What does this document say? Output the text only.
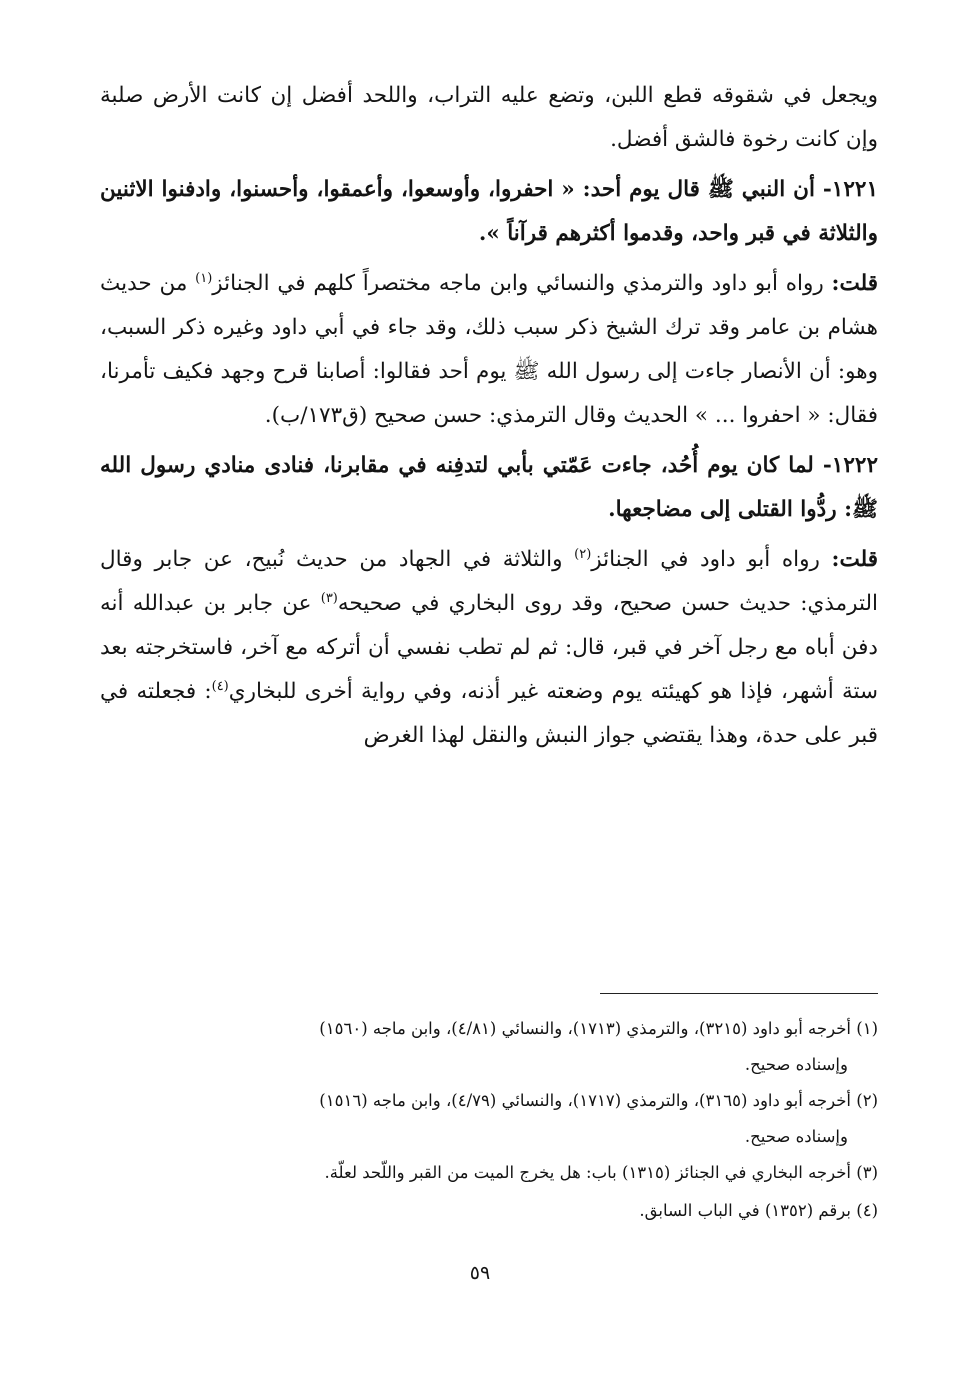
ويجعل في شقوقه قطع اللبن، وتضع عليه التراب، واللحد أفضل إن كانت الأرض صلبة وإن كانت رخوة فالشق أفضل.

١٢٢١- أن النبي ﷺ قال يوم أحد: « احفروا، وأوسعوا، وأعمقوا، وأحسنوا، وادفنوا الاثنين والثلاثة في قبر واحد، وقدموا أكثرهم قرآناً ».

قلت: رواه أبو داود والترمذي والنسائي وابن ماجه مختصراً كلهم في الجنائز$^{(١)}$ من حديث هشام بن عامر وقد ترك الشيخ ذكر سبب ذلك، وقد جاء في أبي داود وغيره ذكر السبب، وهو: أن الأنصار جاءت إلى رسول الله ﷺ يوم أحد فقالوا: أصابنا قرح وجهد فكيف تأمرنا، فقال: « احفروا ... » الحديث وقال الترمذي: حسن صحيح (ق١٧٣/ب).

١٢٢٢- لما كان يوم أُحُد، جاءت عَمّتي بأبي لتدفِنه في مقابرنا، فنادى منادي رسول الله ﷺ: ردُّوا القتلى إلى مضاجعها.

قلت: رواه أبو داود في الجنائز$^{(٢)}$ والثلاثة في الجهاد من حديث نُبيح، عن جابر وقال الترمذي: حديث حسن صحيح، وقد روى البخاري في صحيحه$^{(٣)}$ عن جابر بن عبدالله أنه دفن أباه مع رجل آخر في قبر، قال: ثم لم تطب نفسي أن أتركه مع آخر، فاستخرجته بعد ستة أشهر، فإذا هو كهيئته يوم وضعته غير أذنه، وفي رواية أخرى للبخاري$^{(٤)}$: فجعلته في قبر على حدة، وهذا يقتضي جواز النبش والنقل لهذا الغرض

(١) أخرجه أبو داود (٣٢١٥)، والترمذي (١٧١٣)، والنسائي (٤/٨١)، وابن ماجه (١٥٦٠)

وإسناده صحيح.

(٢) أخرجه أبو داود (٣١٦٥)، والترمذي (١٧١٧)، والنسائي (٤/٧٩)، وابن ماجه (١٥١٦)

وإسناده صحيح.

(٣) أخرجه البخاري في الجنائز (١٣١٥) باب: هل يخرج الميت من القبر واللّحد لعلّة.

(٤) برقم (١٣٥٢) في الباب السابق.

٥٩
